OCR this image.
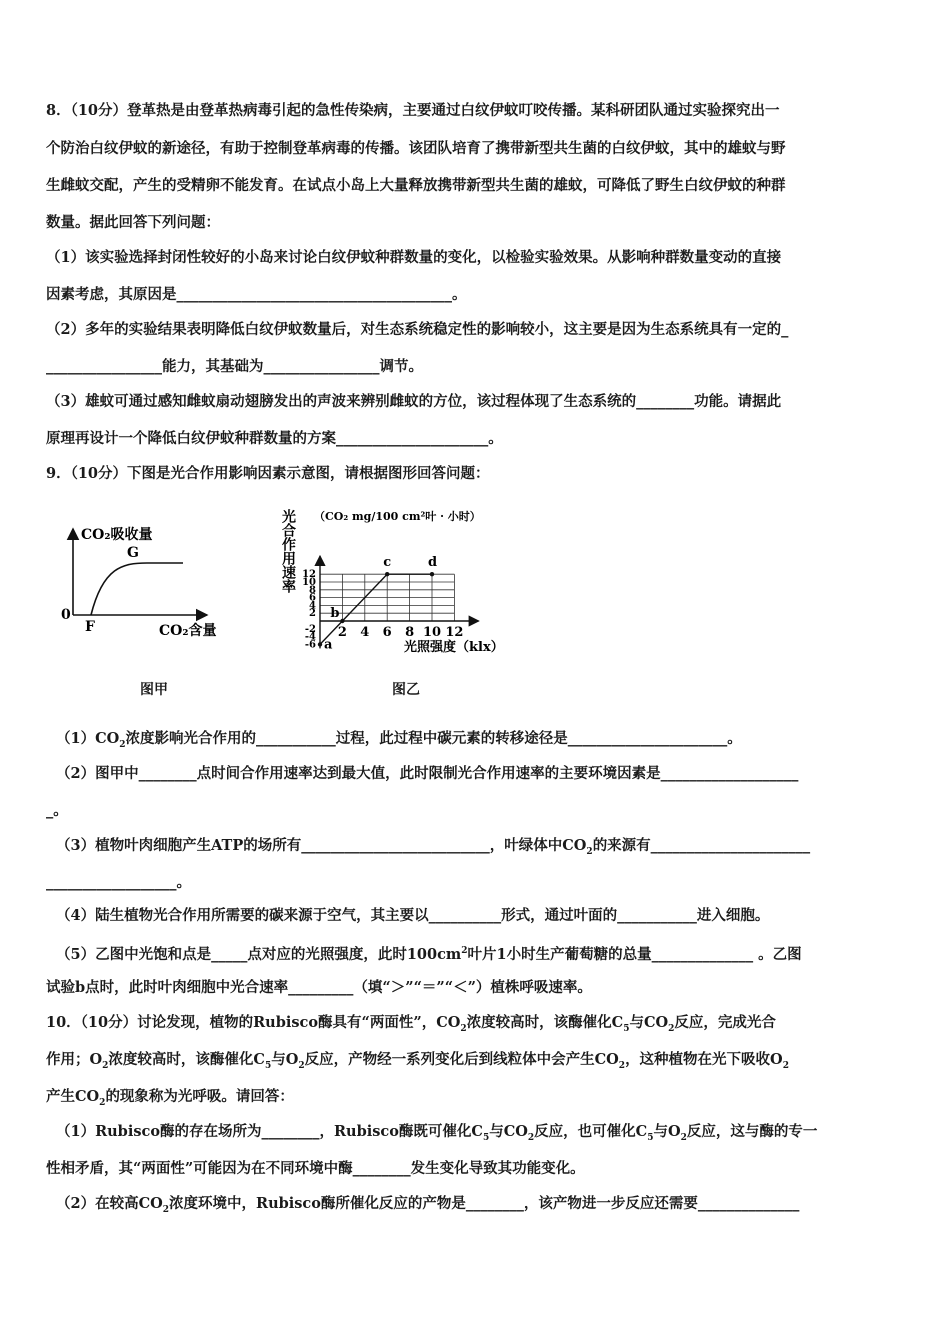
8．（10分）登革热是由登革热病毒引起的急性传染病，主要通过白纹伊蚊叮咬传播。某科研团队通过实验探究出一
个防治白纹伊蚊的新途径，有助于控制登革病毒的传播。该团队培育了携带新型共生菌的白纹伊蚊，其中的雄蚊与野
生雌蚊交配，产生的受精卵不能发育。在试点小岛上大量释放携带新型共生菌的雄蚊，可降低了野生白纹伊蚊的种群
数量。据此回答下列问题：
（1）该实验选择封闭性较好的小岛来讨论白纹伊蚊种群数量的变化，以检验实验效果。从影响种群数量变动的直接
因素考虑，其原因是______________________________________。
（2）多年的实验结果表明降低白纹伊蚊数量后，对生态系统稳定性的影响较小，这主要是因为生态系统具有一定的_
________________能力，其基础为________________调节。
（3）雄蚊可通过感知雌蚊扇动翅膀发出的声波来辨别雌蚊的方位，该过程体现了生态系统的________功能。请据此
原理再设计一个降低白纹伊蚊种群数量的方案_____________________。
9．（10分）下图是光合作用影响因素示意图，请根据图形回答问题：
CO₂吸收量
G
0
F	CO₂含量
图甲
12
10
8
6
4
2
-2
-4
-6
2 4 6 8 10 12
a
b
c	d
光合作用速率 （CO₂ mg/100 cm²叶 · 小时）
光照强度（klx）
图乙
$(1)CO_2$浓度影响光合作用的___________过程，此过程中碳元素的转移途径是______________________。
（2）图甲中________点时间合作用速率达到最大值，此时限制光合作用速率的主要环境因素是___________________
_。
（3）植物叶肉细胞产生ATP的场所有__________________________，叶绿体中$CO_2$的来源有______________________
__________________。
（4）陆生植物光合作用所需要的碳来源于空气，其主要以__________形式，通过叶面的___________进入细胞。
（5）乙图中光饱和点是_____点对应的光照强度，此时$100cm^2$叶片1小时生产葡萄糖的总量______________ 。乙图
试验b点时，此时叶肉细胞中光合速率_________（填“＞”“＝”“＜”）植株呼吸速率。
10．（10分）讨论发现，植物的Rubisco酶具有“两面性”，$CO_2$浓度较高时，该酶催化$C_5$与$CO_2$反应，完成光合
作用；$O_2$浓度较高时，该酶催化$C_5$与$O_2$反应，产物经一系列变化后到线粒体中会产生$CO_2$，这种植物在光下吸收$O_2$
产生$CO_2$的现象称为光呼吸。请回答：
（1）Rubisco酶的存在场所为________，Rubisco酶既可催化$C_5$与$CO_2$反应，也可催化$C_5$与$O_2$反应，这与酶的专一
性相矛盾，其“两面性”可能因为在不同环境中酶________发生变化导致其功能变化。
（2）在较高$CO_2$浓度环境中，Rubisco酶所催化反应的产物是________，该产物进一步反应还需要______________
